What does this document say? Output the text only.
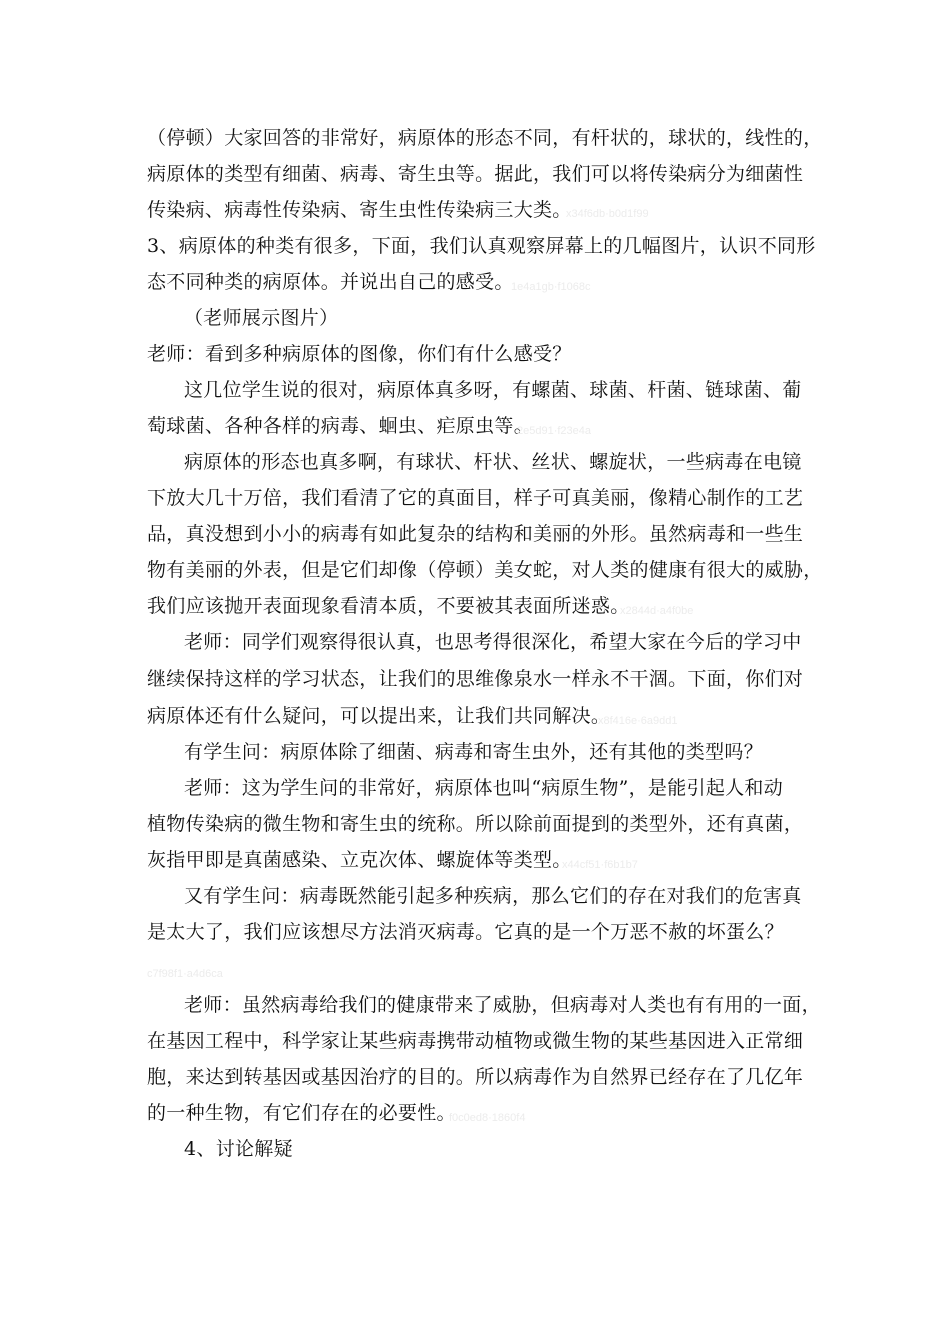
（停顿）大家回答的非常好，病原体的形态不同，有杆状的，球状的，线性的，
病原体的类型有细菌、病毒、寄生虫等。据此，我们可以将传染病分为细菌性
传染病、病毒性传染病、寄生虫性传染病三大类。
3、病原体的种类有很多，下面，我们认真观察屏幕上的几幅图片，认识不同形
态不同种类的病原体。并说出自己的感受。
（老师展示图片）
老师：看到多种病原体的图像，你们有什么感受？
这几位学生说的很对，病原体真多呀，有螺菌、球菌、杆菌、链球菌、葡
萄球菌、各种各样的病毒、蛔虫、疟原虫等。
病原体的形态也真多啊，有球状、杆状、丝状、螺旋状，一些病毒在电镜
下放大几十万倍，我们看清了它的真面目，样子可真美丽，像精心制作的工艺
品，真没想到小小的病毒有如此复杂的结构和美丽的外形。虽然病毒和一些生
物有美丽的外表，但是它们却像（停顿）美女蛇，对人类的健康有很大的威胁，
我们应该抛开表面现象看清本质，不要被其表面所迷惑。
老师：同学们观察得很认真，也思考得很深化，希望大家在今后的学习中
继续保持这样的学习状态，让我们的思维像泉水一样永不干涸。下面，你们对
病原体还有什么疑问，可以提出来，让我们共同解决。
有学生问：病原体除了细菌、病毒和寄生虫外，还有其他的类型吗？
老师：这为学生问的非常好，病原体也叫“病原生物”，是能引起人和动
植物传染病的微生物和寄生虫的统称。所以除前面提到的类型外，还有真菌，
灰指甲即是真菌感染、立克次体、螺旋体等类型。
又有学生问：病毒既然能引起多种疾病，那么它们的存在对我们的危害真
是太大了，我们应该想尽方法消灭病毒。它真的是一个万恶不赦的坏蛋么？
老师：虽然病毒给我们的健康带来了威胁，但病毒对人类也有有用的一面，
在基因工程中，科学家让某些病毒携带动植物或微生物的某些基因进入正常细
胞，来达到转基因或基因治疗的目的。所以病毒作为自然界已经存在了几亿年
的一种生物，有它们存在的必要性。
4、讨论解疑
x34f6db·b0d1f99
1e4a1gb·f1068c
2e5d91·f23e4a
x2844d·a4f0be
x8f416e·6a9dd1
x44cf51·f6b1b7
c7f98f1·a4d6ca
f0c0ed8·1860f4
